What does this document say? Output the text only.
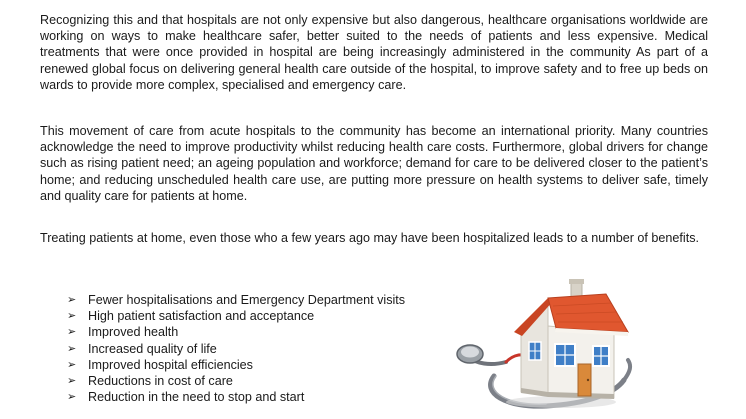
Recognizing this and that hospitals are not only expensive but also dangerous, healthcare organisations worldwide are working on ways to make healthcare safer, better suited to the needs of patients and less expensive. Medical treatments that were once provided in hospital are being increasingly administered in the community As part of a renewed global focus on delivering general health care outside of the hospital, to improve safety and to free up beds on wards to provide more complex, specialised and emergency care.

This movement of care from acute hospitals to the community has become an international priority. Many countries acknowledge the need to improve productivity whilst reducing health care costs. Furthermore, global drivers for change such as rising patient need; an ageing population and workforce; demand for care to be delivered closer to the patient’s home; and reducing unscheduled health care use, are putting more pressure on health systems to deliver safe, timely and quality care for patients at home.

Treating patients at home, even those who a few years ago may have been hospitalized leads to a number of benefits.

➢ Fewer hospitalisations and Emergency Department visits
➢ High patient satisfaction and acceptance
➢ Improved health
➢ Increased quality of life
➢ Improved hospital efficiencies
➢ Reductions in cost of care
➢ Reduction in the need to stop and start
